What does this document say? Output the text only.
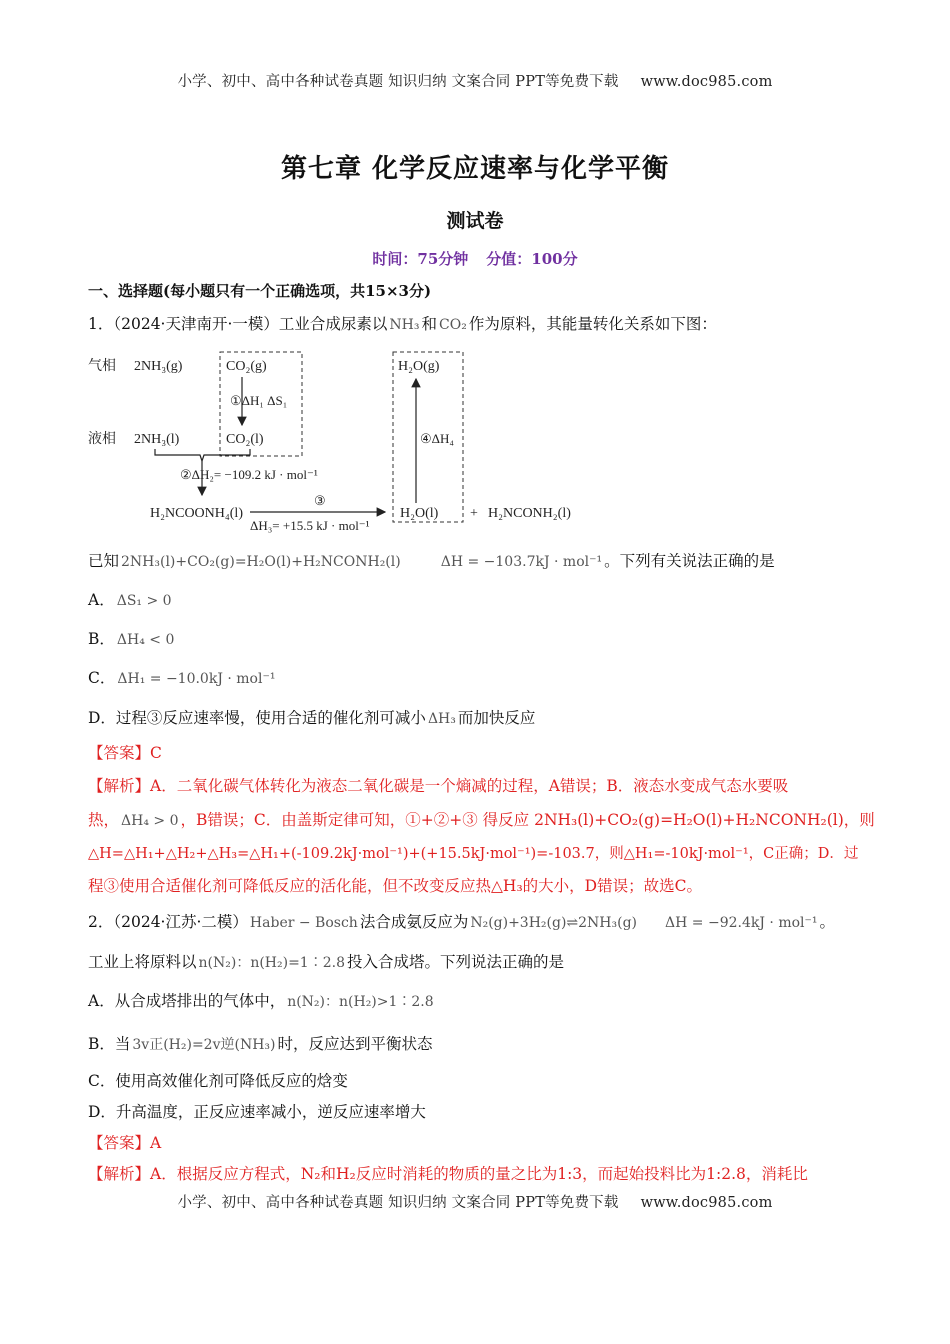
小学、初中、高中各种试卷真题 知识归纳 文案合同 PPT等免费下载 www.doc985.com
第七章 化学反应速率与化学平衡
测试卷
时间：75分钟 分值：100分
一、选择题(每小题只有一个正确选项，共15×3分)
1．（2024·天津南开·一模）工业合成尿素以 NH₃ 和 CO₂ 作为原料，其能量转化关系如下图：
气相
液相
2NH₃(g)
2NH₃(l)
CO₂(g)
①ΔH₁ ΔS₁
CO₂(l)
②ΔH₂= −109.2 kJ · mol⁻¹
H₂NCOONH₄(l)
③
ΔH₃= +15.5 kJ · mol⁻¹
H₂O(g)
④ΔH₄
H₂O(l) + H₂NCONH₂(l)
已知 2NH₃(l)+CO₂(g)=H₂O(l)+H₂NCONH₂(l)	ΔH = −103.7kJ · mol⁻¹ 。下列有关说法正确的是
A． ΔS₁ > 0
B． ΔH₄ < 0
C． ΔH₁ = −10.0kJ · mol⁻¹
D．过程③反应速率慢，使用合适的催化剂可减小 ΔH₃ 而加快反应
【答案】C
【解析】A．二氧化碳气体转化为液态二氧化碳是一个熵减的过程，A错误；B．液态水变成气态水要吸
热， ΔH₄ > 0 ，B错误；C．由盖斯定律可知，①+②+③ 得反应 2NH₃(l)+CO₂(g)=H₂O(l)+H₂NCONH₂(l)，则
△H=△H₁+△H₂+△H₃=△H₁+(-109.2kJ·mol⁻¹)+(+15.5kJ·mol⁻¹)=-103.7，则△H₁=-10kJ·mol⁻¹，C正确；D．过
程③使用合适催化剂可降低反应的活化能，但不改变反应热△H₃的大小，D错误；故选C。
2．（2024·江苏·二模） Haber − Bosch 法合成氨反应为 N₂(g)+3H₂(g)⇌2NH₃(g) ΔH = −92.4kJ · mol⁻¹ 。
工业上将原料以 n(N₂)：n(H₂)=1∶2.8 投入合成塔。下列说法正确的是
A．从合成塔排出的气体中， n(N₂)：n(H₂)>1∶2.8
B．当 3v正(H₂)=2v逆(NH₃) 时，反应达到平衡状态
C．使用高效催化剂可降低反应的焓变
D．升高温度，正反应速率减小，逆反应速率增大
【答案】A
【解析】A．根据反应方程式，N₂和H₂反应时消耗的物质的量之比为1:3，而起始投料比为1:2.8，消耗比
小学、初中、高中各种试卷真题 知识归纳 文案合同 PPT等免费下载 www.doc985.com
